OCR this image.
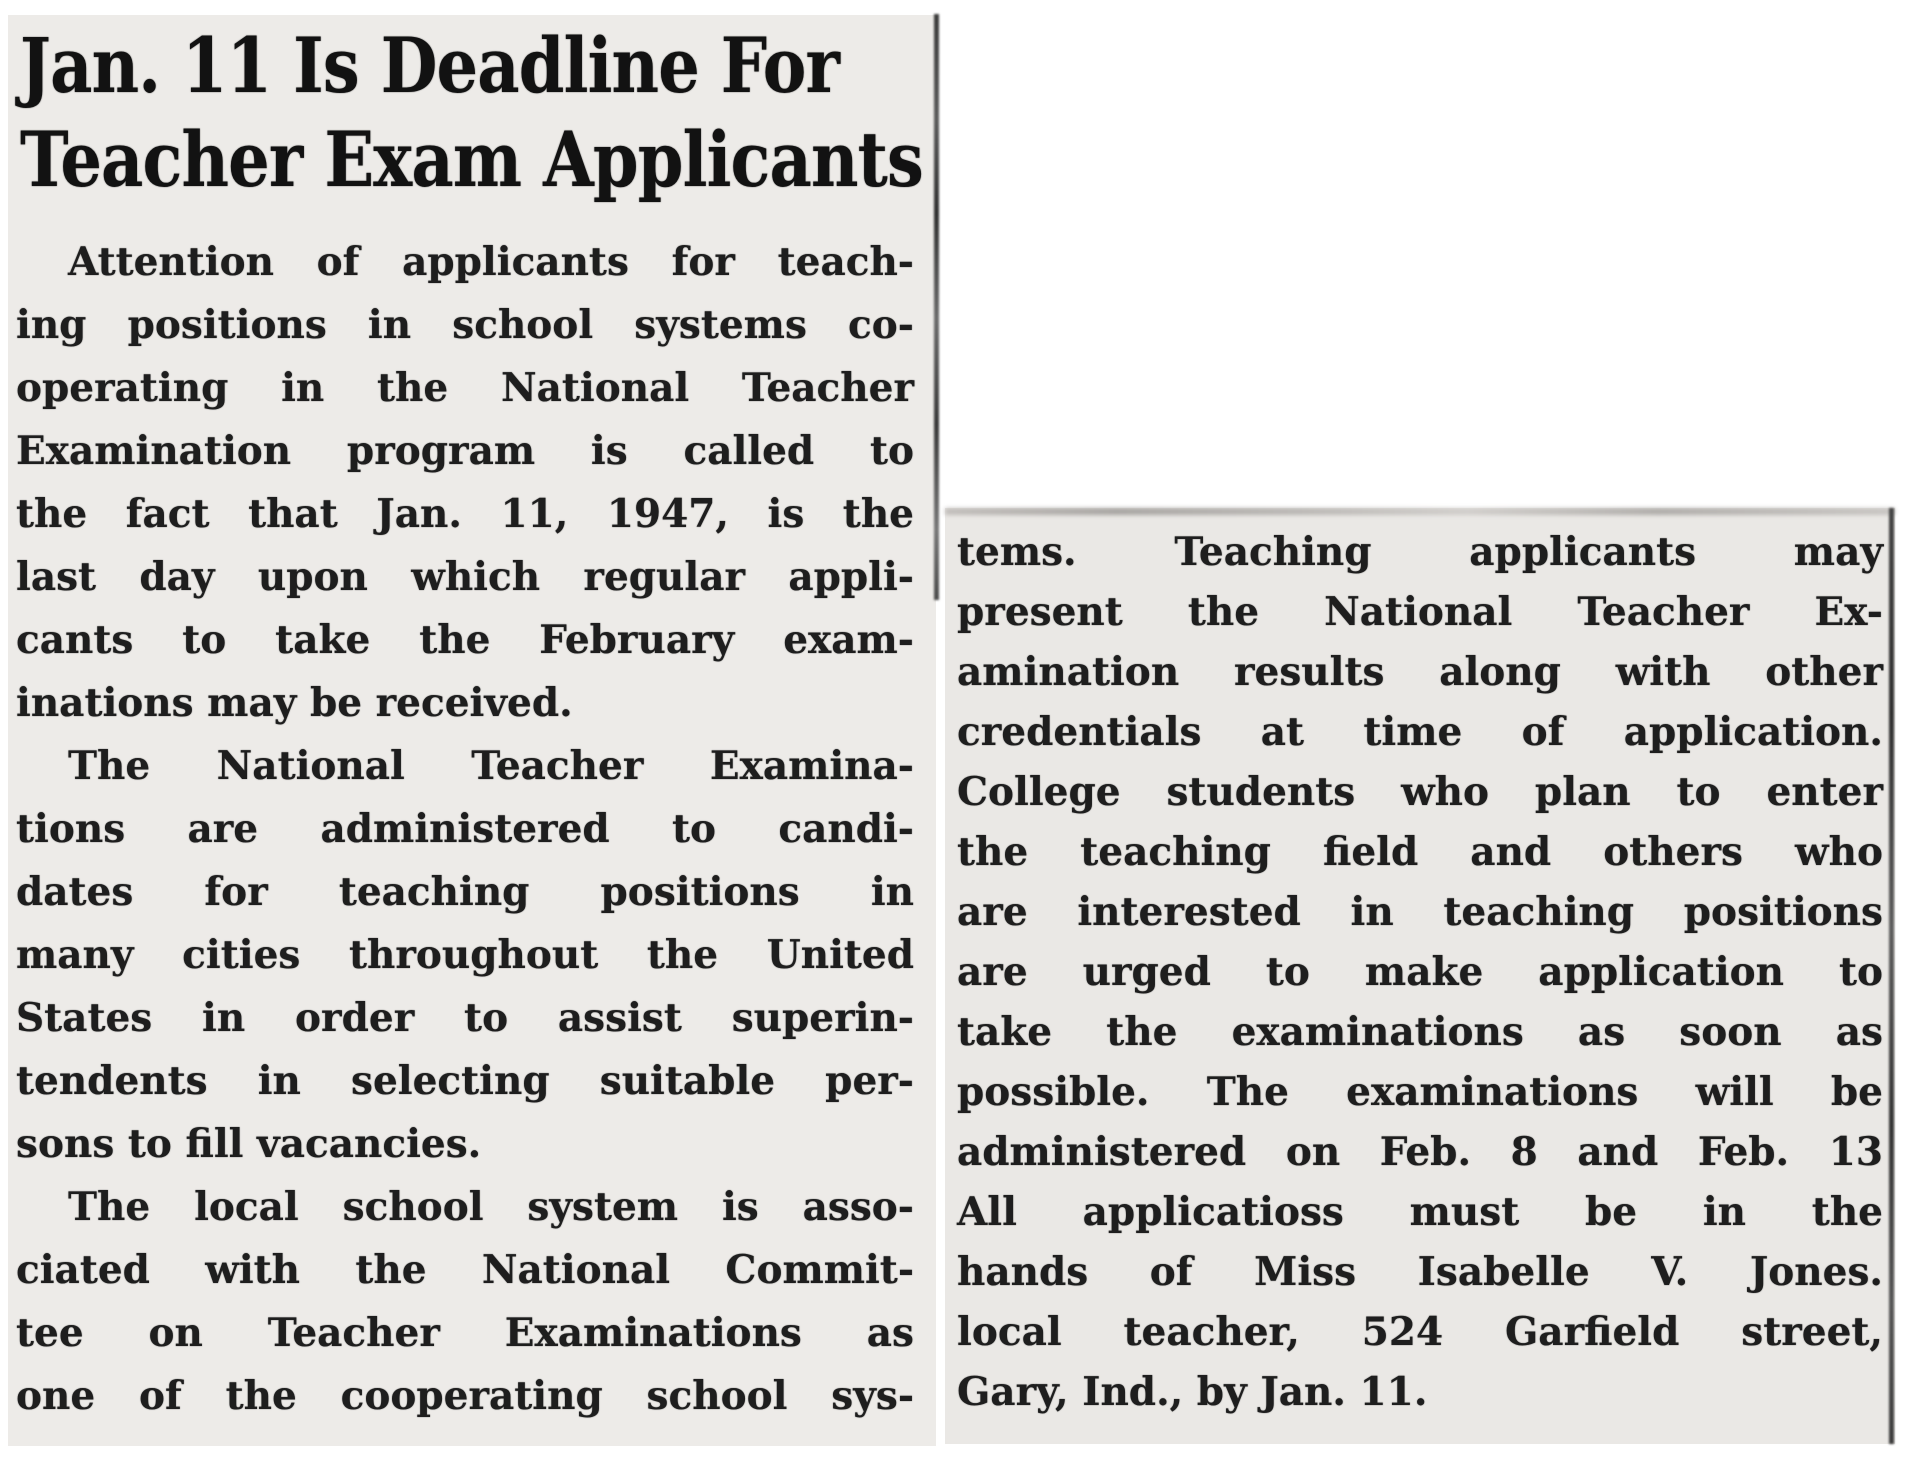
Jan. 11 Is Deadline For
Teacher Exam Applicants
Attention of applicants for teach-
ing positions in school systems co-
operating in the National Teacher
Examination program is called to
the fact that Jan. 11, 1947, is the
last day upon which regular appli-
cants to take the February exam-
inations may be received.
The National Teacher Examina-
tions are administered to candi-
dates for teaching positions in
many cities throughout the United
States in order to assist superin-
tendents in selecting suitable per-
sons to fill vacancies.
The local school system is asso-
ciated with the National Commit-
tee on Teacher Examinations as
one of the cooperating school sys-
tems. Teaching applicants may
present the National Teacher Ex-
amination results along with other
credentials at time of application.
College students who plan to enter
the teaching field and others who
are interested in teaching positions
are urged to make application to
take the examinations as soon as
possible. The examinations will be
administered on Feb. 8 and Feb. 13
All applicatioss must be in the
hands of Miss Isabelle V. Jones.
local teacher, 524 Garfield street,
Gary, Ind., by Jan. 11.
